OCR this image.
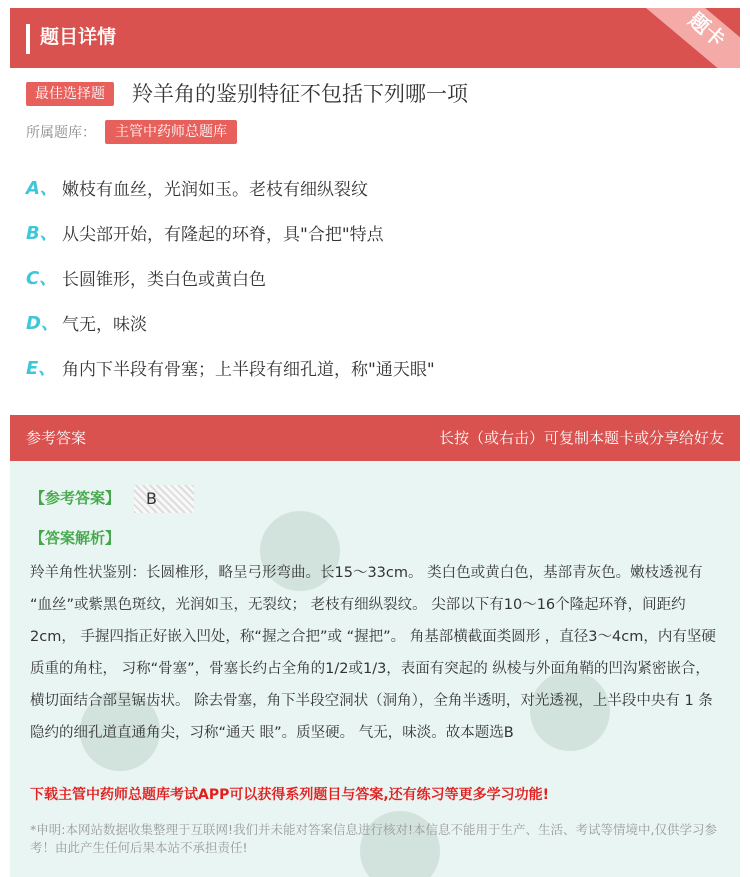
题目详情	题卡
最佳选择题	羚羊角的鉴别特征不包括下列哪一项
所属题库：	主管中药师总题库
A、 嫩枝有血丝，光润如玉。老枝有细纵裂纹
B、 从尖部开始，有隆起的环脊，具"合把"特点
C、 长圆锥形，类白色或黄白色
D、 气无，味淡
E、 角内下半段有骨塞；上半段有细孔道，称"通天眼"
参考答案	长按（或右击）可复制本题卡或分享给好友
【参考答案】	B
【答案解析】
羚羊角性状鉴别：长圆椎形，略呈弓形弯曲。长15～33cm。 类白色或黄白色，基部青灰色。嫩枝透视有 “血丝”或紫黑色斑纹，光润如玉，无裂纹； 老枝有细纵裂纹。 尖部以下有10～16个隆起环脊，间距约2cm， 手握四指正好嵌入凹处，称“握之合把”或 “握把”。 角基部横截面类圆形 ，直径3～4cm，内有坚硬质重的角柱， 习称“骨塞”，骨塞长约占全角的1/2或1/3，表面有突起的 纵棱与外面角鞘的凹沟紧密嵌合，横切面结合部呈锯齿状。 除去骨塞，角下半段空洞状（洞角），全角半透明，对光透视，上半段中央有 1 条隐约的细孔道直通角尖，习称“通天 眼”。质坚硬。 气无，味淡。故本题选B
下载主管中药师总题库考试APP可以获得系列题目与答案,还有练习等更多学习功能!
*申明:本网站数据收集整理于互联网!我们并未能对答案信息进行核对!本信息不能用于生产、生活、考试等情境中,仅供学习参考！由此产生任何后果本站不承担责任!
